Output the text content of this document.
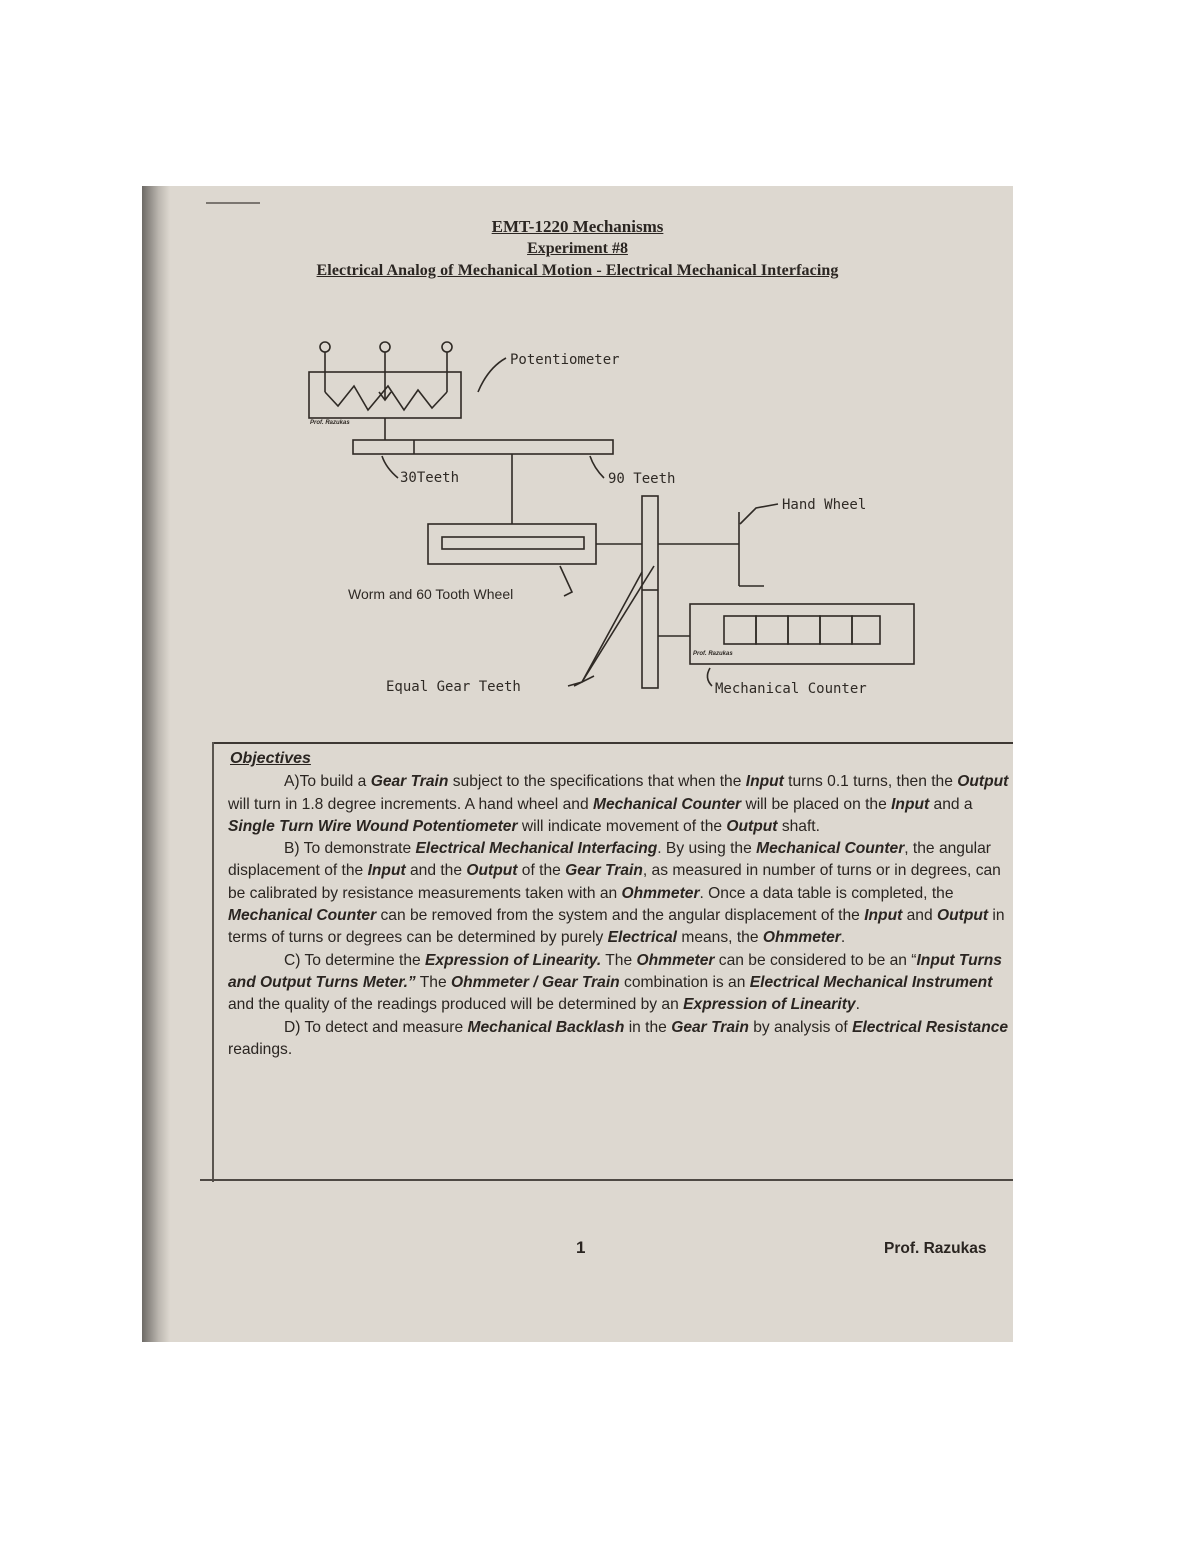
EMT-1220 Mechanisms
Experiment #8
Electrical Analog of Mechanical Motion - Electrical Mechanical Interfacing
Potentiometer
30Teeth	90 Teeth
Hand Wheel
Worm and 60 Tooth Wheel
Equal Gear Teeth	Mechanical Counter
Prof. Razukas
Prof. Razukas
Objectives

A)To build a Gear Train subject to the specifications that when the Input turns 0.1 turns, then the Output will turn in 1.8 degree increments. A hand wheel and Mechanical Counter will be placed on the Input and a Single Turn Wire Wound Potentiometer will indicate movement of the Output shaft.

B) To demonstrate Electrical Mechanical Interfacing. By using the Mechanical Counter, the angular displacement of the Input and the Output of the Gear Train, as measured in number of turns or in degrees, can be calibrated by resistance measurements taken with an Ohmmeter. Once a data table is completed, the Mechanical Counter can be removed from the system and the angular displacement of the Input and Output in terms of turns or degrees can be determined by purely Electrical means, the Ohmmeter.

C) To determine the Expression of Linearity. The Ohmmeter can be considered to be an “Input Turns and Output Turns Meter.” The Ohmmeter / Gear Train combination is an Electrical Mechanical Instrument and the quality of the readings produced will be determined by an Expression of Linearity.

D) To detect and measure Mechanical Backlash in the Gear Train by analysis of Electrical Resistance readings.

1	Prof. Razukas
